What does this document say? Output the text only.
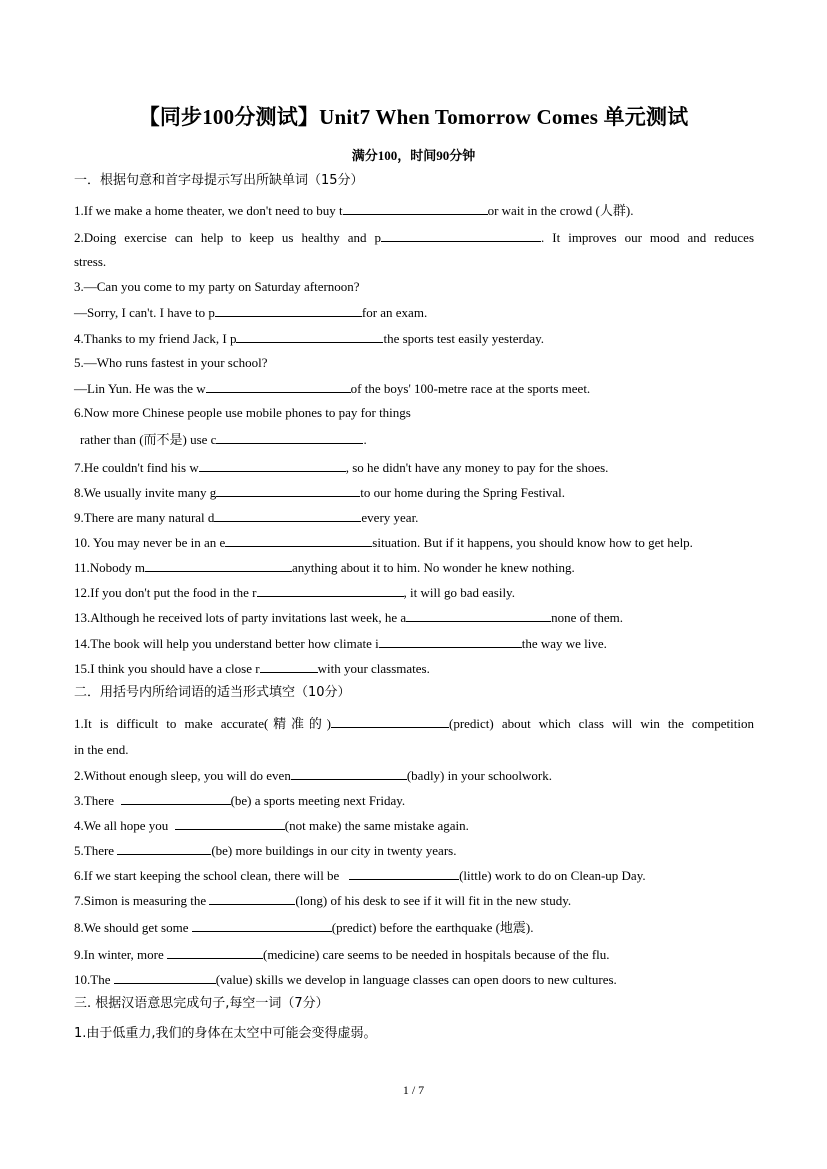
【同步100分测试】Unit7 When Tomorrow Comes 单元测试
满分100，时间90分钟
一．根据句意和首字母提示写出所缺单词（15分）
1.If we make a home theater, we don't need to buy t	or wait in the crowd (人群).
2.Doing exercise can help to keep us healthy and p	. It improves our mood and reduces
stress.
3.—Can you come to my party on Saturday afternoon?
—Sorry, I can't. I have to p	for an exam.
4.Thanks to my friend Jack, I p	the sports test easily yesterday.
5.—Who runs fastest in your school?
—Lin Yun. He was the w	of the boys' 100-metre race at the sports meet.
6.Now more Chinese people use mobile phones to pay for things
rather than (而不是) use c	.
7.He couldn't find his w	, so he didn't have any money to pay for the shoes.
8.We usually invite many g	to our home during the Spring Festival.
9.There are many natural d	every year.
10. You may never be in an e	situation. But if it happens, you should know how to get help.
11.Nobody m	anything about it to him. No wonder he knew nothing.
12.If you don't put the food in the r	, it will go bad easily.
13.Although he received lots of party invitations last week, he a	none of them.
14.The book will help you understand better how climate i	the way we live.
15.I think you should have a close r	with your classmates.
二．用括号内所给词语的适当形式填空（10分）
1.It is difficult to make accurate(精准的)	(predict) about which class will win the competition
in the end.
2.Without enough sleep, you will do even	(badly) in your schoolwork.
3.There	(be) a sports meeting next Friday.
4.We all hope you	(not make) the same mistake again.
5.There	(be) more buildings in our city in twenty years.
6.If we start keeping the school clean, there will be	(little) work to do on Clean-up Day.
7.Simon is measuring the	(long) of his desk to see if it will fit in the new study.
8.We should get some	(predict) before the earthquake (地震).
9.In winter, more	(medicine) care seems to be needed in hospitals because of the flu.
10.The	(value) skills we develop in language classes can open doors to new cultures.
三. 根据汉语意思完成句子,每空一词（7分）
1.由于低重力,我们的身体在太空中可能会变得虚弱。
1 / 7
